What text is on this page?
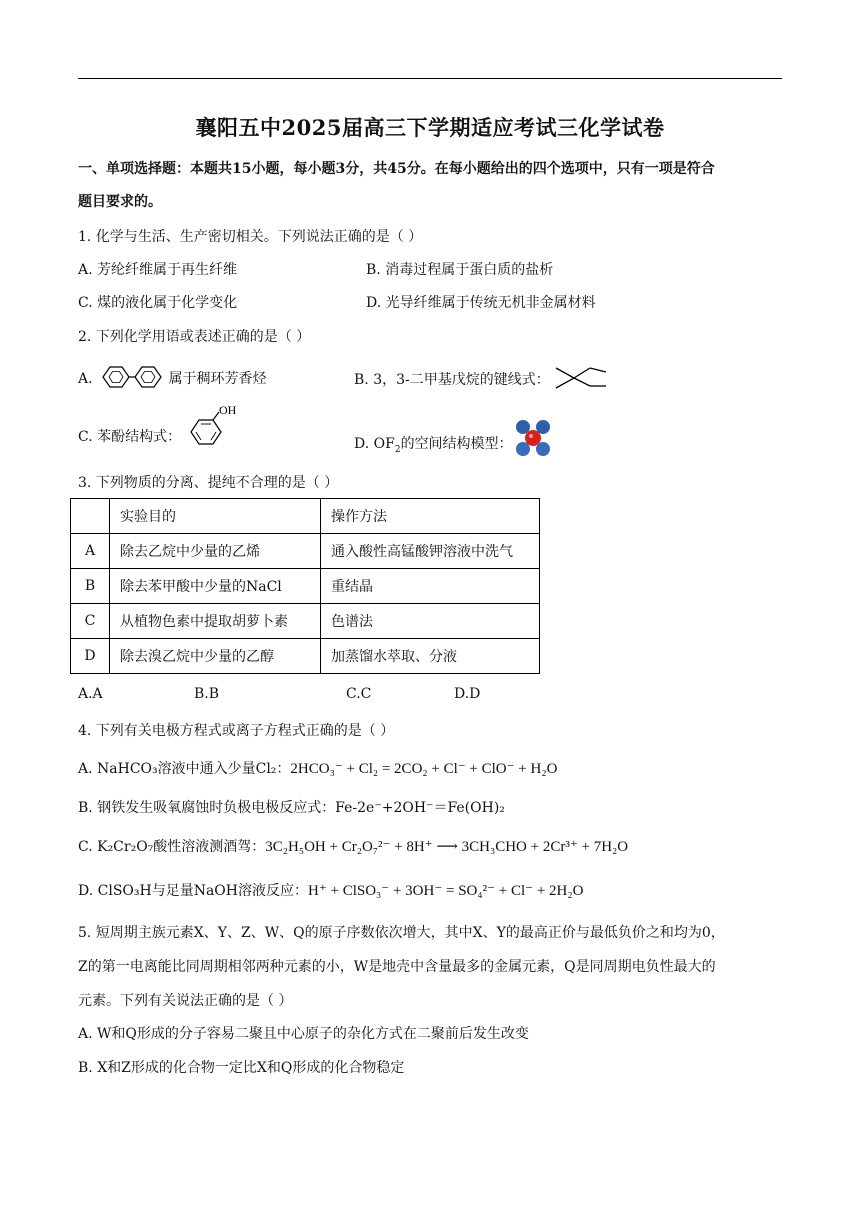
襄阳五中2025届高三下学期适应考试三化学试卷
一、单项选择题：本题共15小题，每小题3分，共45分。在每小题给出的四个选项中，只有一项是符合
题目要求的。
1. 化学与生活、生产密切相关。下列说法正确的是（ ）
A. 芳纶纤维属于再生纤维	B. 消毒过程属于蛋白质的盐析
C. 煤的液化属于化学变化	D. 光导纤维属于传统无机非金属材料
2. 下列化学用语或表述正确的是（ ）
A.	属于稠环芳香烃	B. 3，3-二甲基戊烷的键线式：
C. 苯酚结构式：
OH
D. $OF_2$的空间结构模型：
3. 下列物质的分离、提纯不合理的是（ ）
	实验目的	操作方法
A	除去乙烷中少量的乙烯	通入酸性高锰酸钾溶液中洗气
B	除去苯甲酸中少量的NaCl	重结晶
C	从植物色素中提取胡萝卜素	色谱法
D	除去溴乙烷中少量的乙醇	加蒸馏水萃取、分液
A.A	B.B	C.C	D.D
4. 下列有关电极方程式或离子方程式正确的是（ ）
A. NaHCO₃溶液中通入少量Cl₂：2HCO₃⁻ + Cl₂ = 2CO₂ + Cl⁻ + ClO⁻ + H₂O
B. 钢铁发生吸氧腐蚀时负极电极反应式：Fe-2e⁻+2OH⁻＝Fe(OH)₂
C. K₂Cr₂O₇酸性溶液测酒驾：3C₂H₅OH + Cr₂O₇²⁻ + 8H⁺ ⟶ 3CH₃CHO + 2Cr³⁺ + 7H₂O
D. ClSO₃H与足量NaOH溶液反应：H⁺ + ClSO₃⁻ + 3OH⁻ = SO₄²⁻ + Cl⁻ + 2H₂O
5. 短周期主族元素X、Y、Z、W、Q的原子序数依次增大，其中X、Y的最高正价与最低负价之和均为0，
Z的第一电离能比同周期相邻两种元素的小，W是地壳中含量最多的金属元素，Q是同周期电负性最大的
元素。下列有关说法正确的是（ ）
A. W和Q形成的分子容易二聚且中心原子的杂化方式在二聚前后发生改变
B. X和Z形成的化合物一定比X和Q形成的化合物稳定
